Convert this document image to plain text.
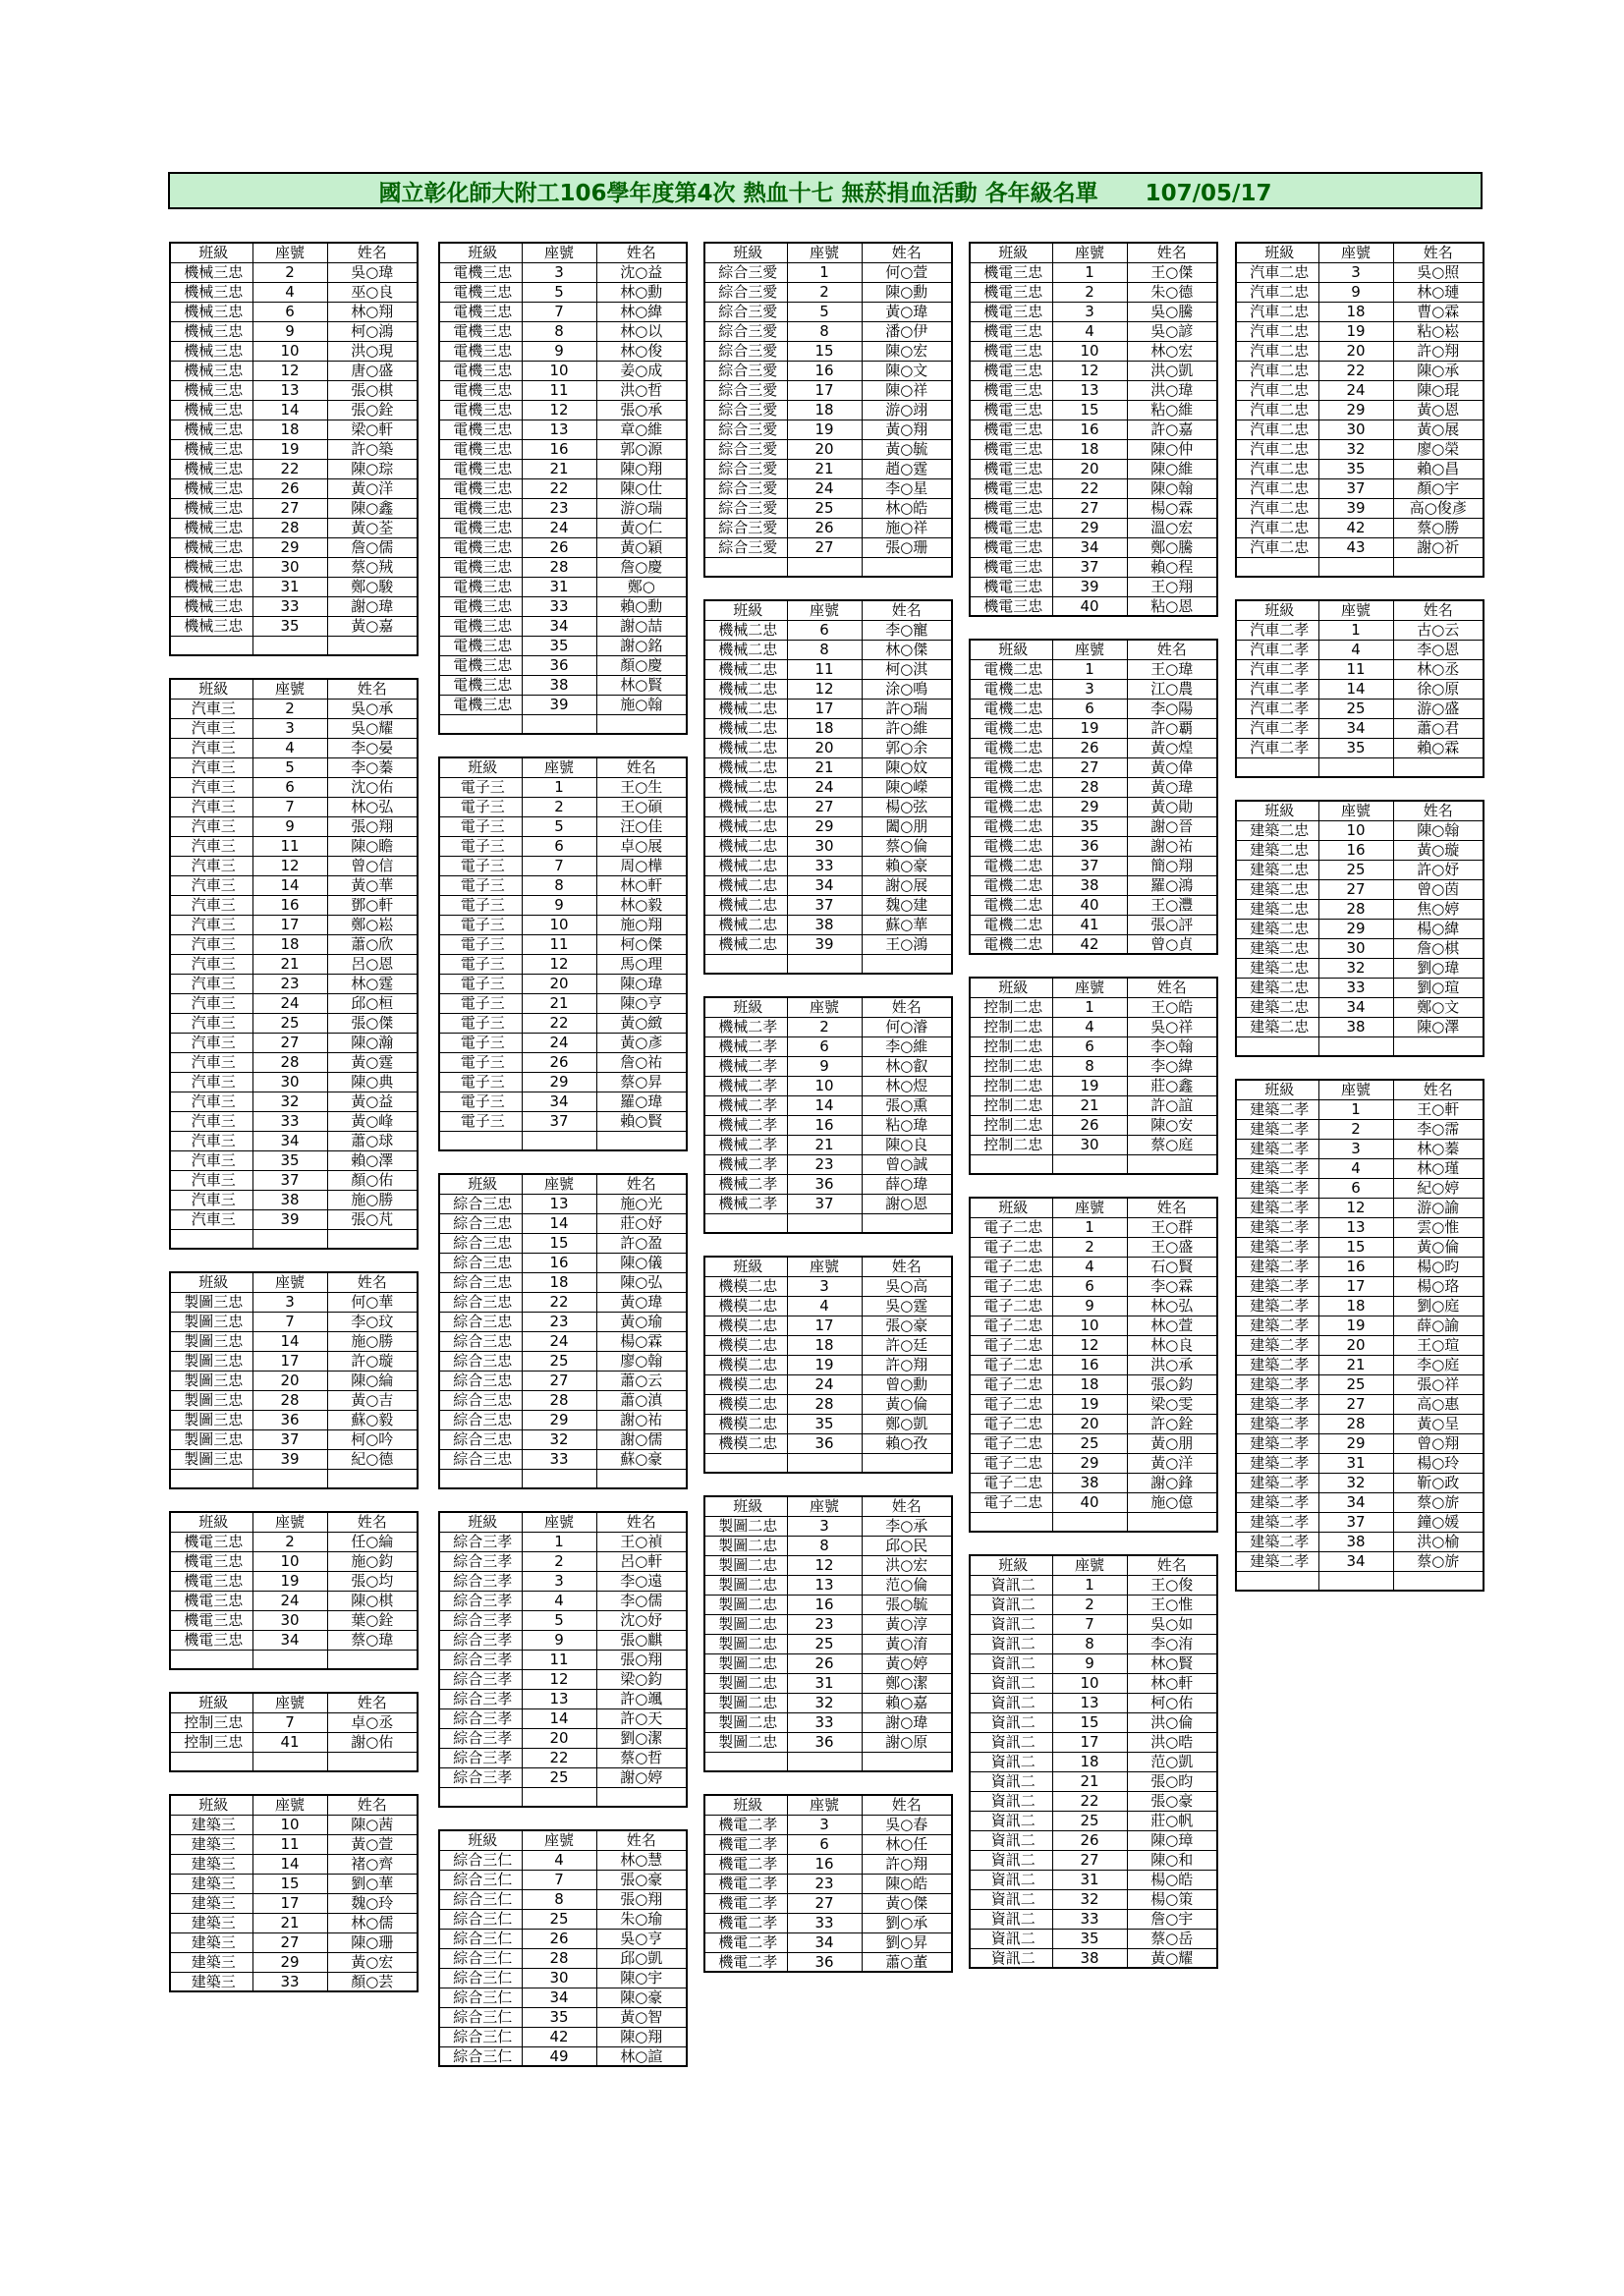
國立彰化師大附工106學年度第4次 熱血十七 無菸捐血活動 各年級名單      107/05/17
班級	座號	姓名
機械三忠	2	吳○瑋
機械三忠	4	巫○良
機械三忠	6	林○翔
機械三忠	9	柯○鴻
機械三忠	10	洪○現
機械三忠	12	唐○盛
機械三忠	13	張○棋
機械三忠	14	張○銓
機械三忠	18	梁○軒
機械三忠	19	許○築
機械三忠	22	陳○琮
機械三忠	26	黃○洋
機械三忠	27	陳○鑫
機械三忠	28	黃○荃
機械三忠	29	詹○儒
機械三忠	30	蔡○羢
機械三忠	31	鄭○駿
機械三忠	33	謝○瑋
機械三忠	35	黃○嘉

班級	座號	姓名
汽車三	2	吳○承
汽車三	3	吳○耀
汽車三	4	李○晏
汽車三	5	李○蓁
汽車三	6	沈○佑
汽車三	7	林○弘
汽車三	9	張○翔
汽車三	11	陳○瞻
汽車三	12	曾○信
汽車三	14	黃○華
汽車三	16	鄧○軒
汽車三	17	鄭○崧
汽車三	18	蕭○欣
汽車三	21	呂○恩
汽車三	23	林○霆
汽車三	24	邱○桓
汽車三	25	張○傑
汽車三	27	陳○瀚
汽車三	28	黃○霆
汽車三	30	陳○典
汽車三	32	黃○益
汽車三	33	黃○峰
汽車三	34	蕭○球
汽車三	35	賴○澤
汽車三	37	顏○佑
汽車三	38	施○勝
汽車三	39	張○芃

班級	座號	姓名
製圖三忠	3	何○華
製圖三忠	7	李○玟
製圖三忠	14	施○勝
製圖三忠	17	許○璇
製圖三忠	20	陳○綸
製圖三忠	28	黃○吉
製圖三忠	36	蘇○毅
製圖三忠	37	柯○吟
製圖三忠	39	紀○德

班級	座號	姓名
機電三忠	2	任○綸
機電三忠	10	施○鈞
機電三忠	19	張○均
機電三忠	24	陳○棋
機電三忠	30	葉○銓
機電三忠	34	蔡○瑋

班級	座號	姓名
控制三忠	7	卓○丞
控制三忠	41	謝○佑

班級	座號	姓名
建築三	10	陳○茜
建築三	11	黃○萱
建築三	14	褚○齊
建築三	15	劉○華
建築三	17	魏○玲
建築三	21	林○儒
建築三	27	陳○珊
建築三	29	黃○宏
建築三	33	顏○芸
班級	座號	姓名
電機三忠	3	沈○益
電機三忠	5	林○勳
電機三忠	7	林○緯
電機三忠	8	林○以
電機三忠	9	林○俊
電機三忠	10	姜○成
電機三忠	11	洪○哲
電機三忠	12	張○承
電機三忠	13	章○維
電機三忠	16	郭○源
電機三忠	21	陳○翔
電機三忠	22	陳○仕
電機三忠	23	游○瑞
電機三忠	24	黃○仁
電機三忠	26	黃○穎
電機三忠	28	詹○慶
電機三忠	31	鄭○
電機三忠	33	賴○勳
電機三忠	34	謝○喆
電機三忠	35	謝○銘
電機三忠	36	顏○慶
電機三忠	38	林○賢
電機三忠	39	施○翰

班級	座號	姓名
電子三	1	王○生
電子三	2	王○碩
電子三	5	汪○佳
電子三	6	卓○展
電子三	7	周○樺
電子三	8	林○軒
電子三	9	林○毅
電子三	10	施○翔
電子三	11	柯○傑
電子三	12	馬○理
電子三	20	陳○瑋
電子三	21	陳○亨
電子三	22	黃○緻
電子三	24	黃○彥
電子三	26	詹○祐
電子三	29	蔡○昇
電子三	34	羅○瑋
電子三	37	賴○賢

班級	座號	姓名
綜合三忠	13	施○光
綜合三忠	14	莊○妤
綜合三忠	15	許○盈
綜合三忠	16	陳○儀
綜合三忠	18	陳○弘
綜合三忠	22	黃○瑋
綜合三忠	23	黃○瑜
綜合三忠	24	楊○霖
綜合三忠	25	廖○翰
綜合三忠	27	蕭○云
綜合三忠	28	蕭○滇
綜合三忠	29	謝○祐
綜合三忠	32	謝○儒
綜合三忠	33	蘇○豪

班級	座號	姓名
綜合三孝	1	王○禎
綜合三孝	2	呂○軒
綜合三孝	3	李○遠
綜合三孝	4	李○儒
綜合三孝	5	沈○妤
綜合三孝	9	張○麒
綜合三孝	11	張○翔
綜合三孝	12	梁○鈞
綜合三孝	13	許○颯
綜合三孝	14	許○天
綜合三孝	20	劉○潔
綜合三孝	22	蔡○哲
綜合三孝	25	謝○婷

班級	座號	姓名
綜合三仁	4	林○慧
綜合三仁	7	張○豪
綜合三仁	8	張○翔
綜合三仁	25	朱○瑜
綜合三仁	26	吳○亨
綜合三仁	28	邱○凱
綜合三仁	30	陳○宇
綜合三仁	34	陳○豪
綜合三仁	35	黃○智
綜合三仁	42	陳○翔
綜合三仁	49	林○諠
班級	座號	姓名
綜合三愛	1	何○萱
綜合三愛	2	陳○勳
綜合三愛	5	黃○瑋
綜合三愛	8	潘○伊
綜合三愛	15	陳○宏
綜合三愛	16	陳○文
綜合三愛	17	陳○祥
綜合三愛	18	游○翊
綜合三愛	19	黃○翔
綜合三愛	20	黃○毓
綜合三愛	21	趙○霆
綜合三愛	24	李○星
綜合三愛	25	林○皓
綜合三愛	26	施○祥
綜合三愛	27	張○珊

班級	座號	姓名
機械二忠	6	李○寵
機械二忠	8	林○傑
機械二忠	11	柯○淇
機械二忠	12	涂○鳴
機械二忠	17	許○瑞
機械二忠	18	許○維
機械二忠	20	郭○余
機械二忠	21	陳○妏
機械二忠	24	陳○嶸
機械二忠	27	楊○弦
機械二忠	29	闔○朋
機械二忠	30	蔡○倫
機械二忠	33	賴○豪
機械二忠	34	謝○展
機械二忠	37	魏○建
機械二忠	38	蘇○華
機械二忠	39	王○鴻

班級	座號	姓名
機械二孝	2	何○濬
機械二孝	6	李○維
機械二孝	9	林○叡
機械二孝	10	林○煜
機械二孝	14	張○熏
機械二孝	16	粘○瑋
機械二孝	21	陳○良
機械二孝	23	曾○誠
機械二孝	36	薛○瑋
機械二孝	37	謝○恩

班級	座號	姓名
機模二忠	3	吳○高
機模二忠	4	吳○霆
機模二忠	17	張○豪
機模二忠	18	許○廷
機模二忠	19	許○翔
機模二忠	24	曾○勳
機模二忠	28	黃○倫
機模二忠	35	鄭○凱
機模二忠	36	賴○孜

班級	座號	姓名
製圖二忠	3	李○承
製圖二忠	8	邱○民
製圖二忠	12	洪○宏
製圖二忠	13	范○倫
製圖二忠	16	張○毓
製圖二忠	23	黃○淳
製圖二忠	25	黃○淯
製圖二忠	26	黃○婷
製圖二忠	31	鄭○潔
製圖二忠	32	賴○嘉
製圖二忠	33	謝○瑋
製圖二忠	36	謝○原

班級	座號	姓名
機電二孝	3	吳○春
機電二孝	6	林○任
機電二孝	16	許○翔
機電二孝	23	陳○皓
機電二孝	27	黃○傑
機電二孝	33	劉○承
機電二孝	34	劉○昇
機電二孝	36	蕭○董
班級	座號	姓名
機電三忠	1	王○傑
機電三忠	2	朱○德
機電三忠	3	吳○騰
機電三忠	4	吳○諺
機電三忠	10	林○宏
機電三忠	12	洪○凱
機電三忠	13	洪○瑋
機電三忠	15	粘○維
機電三忠	16	許○嘉
機電三忠	18	陳○仲
機電三忠	20	陳○維
機電三忠	22	陳○翰
機電三忠	27	楊○霖
機電三忠	29	溫○宏
機電三忠	34	鄭○騰
機電三忠	37	賴○程
機電三忠	39	王○翔
機電三忠	40	粘○恩
班級	座號	姓名
電機二忠	1	王○瑋
電機二忠	3	江○農
電機二忠	6	李○陽
電機二忠	19	許○覇
電機二忠	26	黃○煌
電機二忠	27	黃○偉
電機二忠	28	黃○瑋
電機二忠	29	黃○勛
電機二忠	35	謝○晉
電機二忠	36	謝○祐
電機二忠	37	簡○翔
電機二忠	38	羅○鴻
電機二忠	40	王○灃
電機二忠	41	張○評
電機二忠	42	曾○貞
班級	座號	姓名
控制二忠	1	王○皓
控制二忠	4	吳○祥
控制二忠	6	李○翰
控制二忠	8	李○緯
控制二忠	19	莊○鑫
控制二忠	21	許○誼
控制二忠	26	陳○安
控制二忠	30	蔡○庭

班級	座號	姓名
電子二忠	1	王○群
電子二忠	2	王○盛
電子二忠	4	石○賢
電子二忠	6	李○霖
電子二忠	9	林○弘
電子二忠	10	林○萱
電子二忠	12	林○良
電子二忠	16	洪○承
電子二忠	18	張○鈞
電子二忠	19	梁○雯
電子二忠	20	許○銓
電子二忠	25	黃○朋
電子二忠	29	黃○洋
電子二忠	38	謝○鋒
電子二忠	40	施○億

班級	座號	姓名
資訊二	1	王○俊
資訊二	2	王○惟
資訊二	7	吳○如
資訊二	8	李○洧
資訊二	9	林○賢
資訊二	10	林○軒
資訊二	13	柯○佑
資訊二	15	洪○倫
資訊二	17	洪○晧
資訊二	18	范○凱
資訊二	21	張○昀
資訊二	22	張○豪
資訊二	25	莊○帆
資訊二	26	陳○璋
資訊二	27	陳○和
資訊二	31	楊○皓
資訊二	32	楊○策
資訊二	33	詹○宇
資訊二	35	蔡○岳
資訊二	38	黃○耀
班級	座號	姓名
汽車二忠	3	吳○照
汽車二忠	9	林○璉
汽車二忠	18	曹○霖
汽車二忠	19	粘○崧
汽車二忠	20	許○翔
汽車二忠	22	陳○承
汽車二忠	24	陳○琨
汽車二忠	29	黃○恩
汽車二忠	30	黃○展
汽車二忠	32	廖○榮
汽車二忠	35	賴○昌
汽車二忠	37	顏○宇
汽車二忠	39	高○俊彥
汽車二忠	42	蔡○勝
汽車二忠	43	謝○祈

班級	座號	姓名
汽車二孝	1	古○云
汽車二孝	4	李○恩
汽車二孝	11	林○丞
汽車二孝	14	徐○原
汽車二孝	25	游○盛
汽車二孝	34	蕭○君
汽車二孝	35	賴○霖

班級	座號	姓名
建築二忠	10	陳○翰
建築二忠	16	黃○璇
建築二忠	25	許○妤
建築二忠	27	曾○茵
建築二忠	28	焦○婷
建築二忠	29	楊○緯
建築二忠	30	詹○棋
建築二忠	32	劉○瑋
建築二忠	33	劉○瑄
建築二忠	34	鄭○文
建築二忠	38	陳○澤

班級	座號	姓名
建築二孝	1	王○軒
建築二孝	2	李○霈
建築二孝	3	林○蓁
建築二孝	4	林○瑾
建築二孝	6	紀○婷
建築二孝	12	游○諭
建築二孝	13	雲○惟
建築二孝	15	黃○倫
建築二孝	16	楊○昀
建築二孝	17	楊○珞
建築二孝	18	劉○庭
建築二孝	19	薛○諭
建築二孝	20	王○瑄
建築二孝	21	李○庭
建築二孝	25	張○祥
建築二孝	27	高○惠
建築二孝	28	黃○呈
建築二孝	29	曾○翔
建築二孝	31	楊○玲
建築二孝	32	靳○政
建築二孝	34	蔡○旂
建築二孝	37	鐘○媛
建築二孝	38	洪○榆
建築二孝	34	蔡○旂
